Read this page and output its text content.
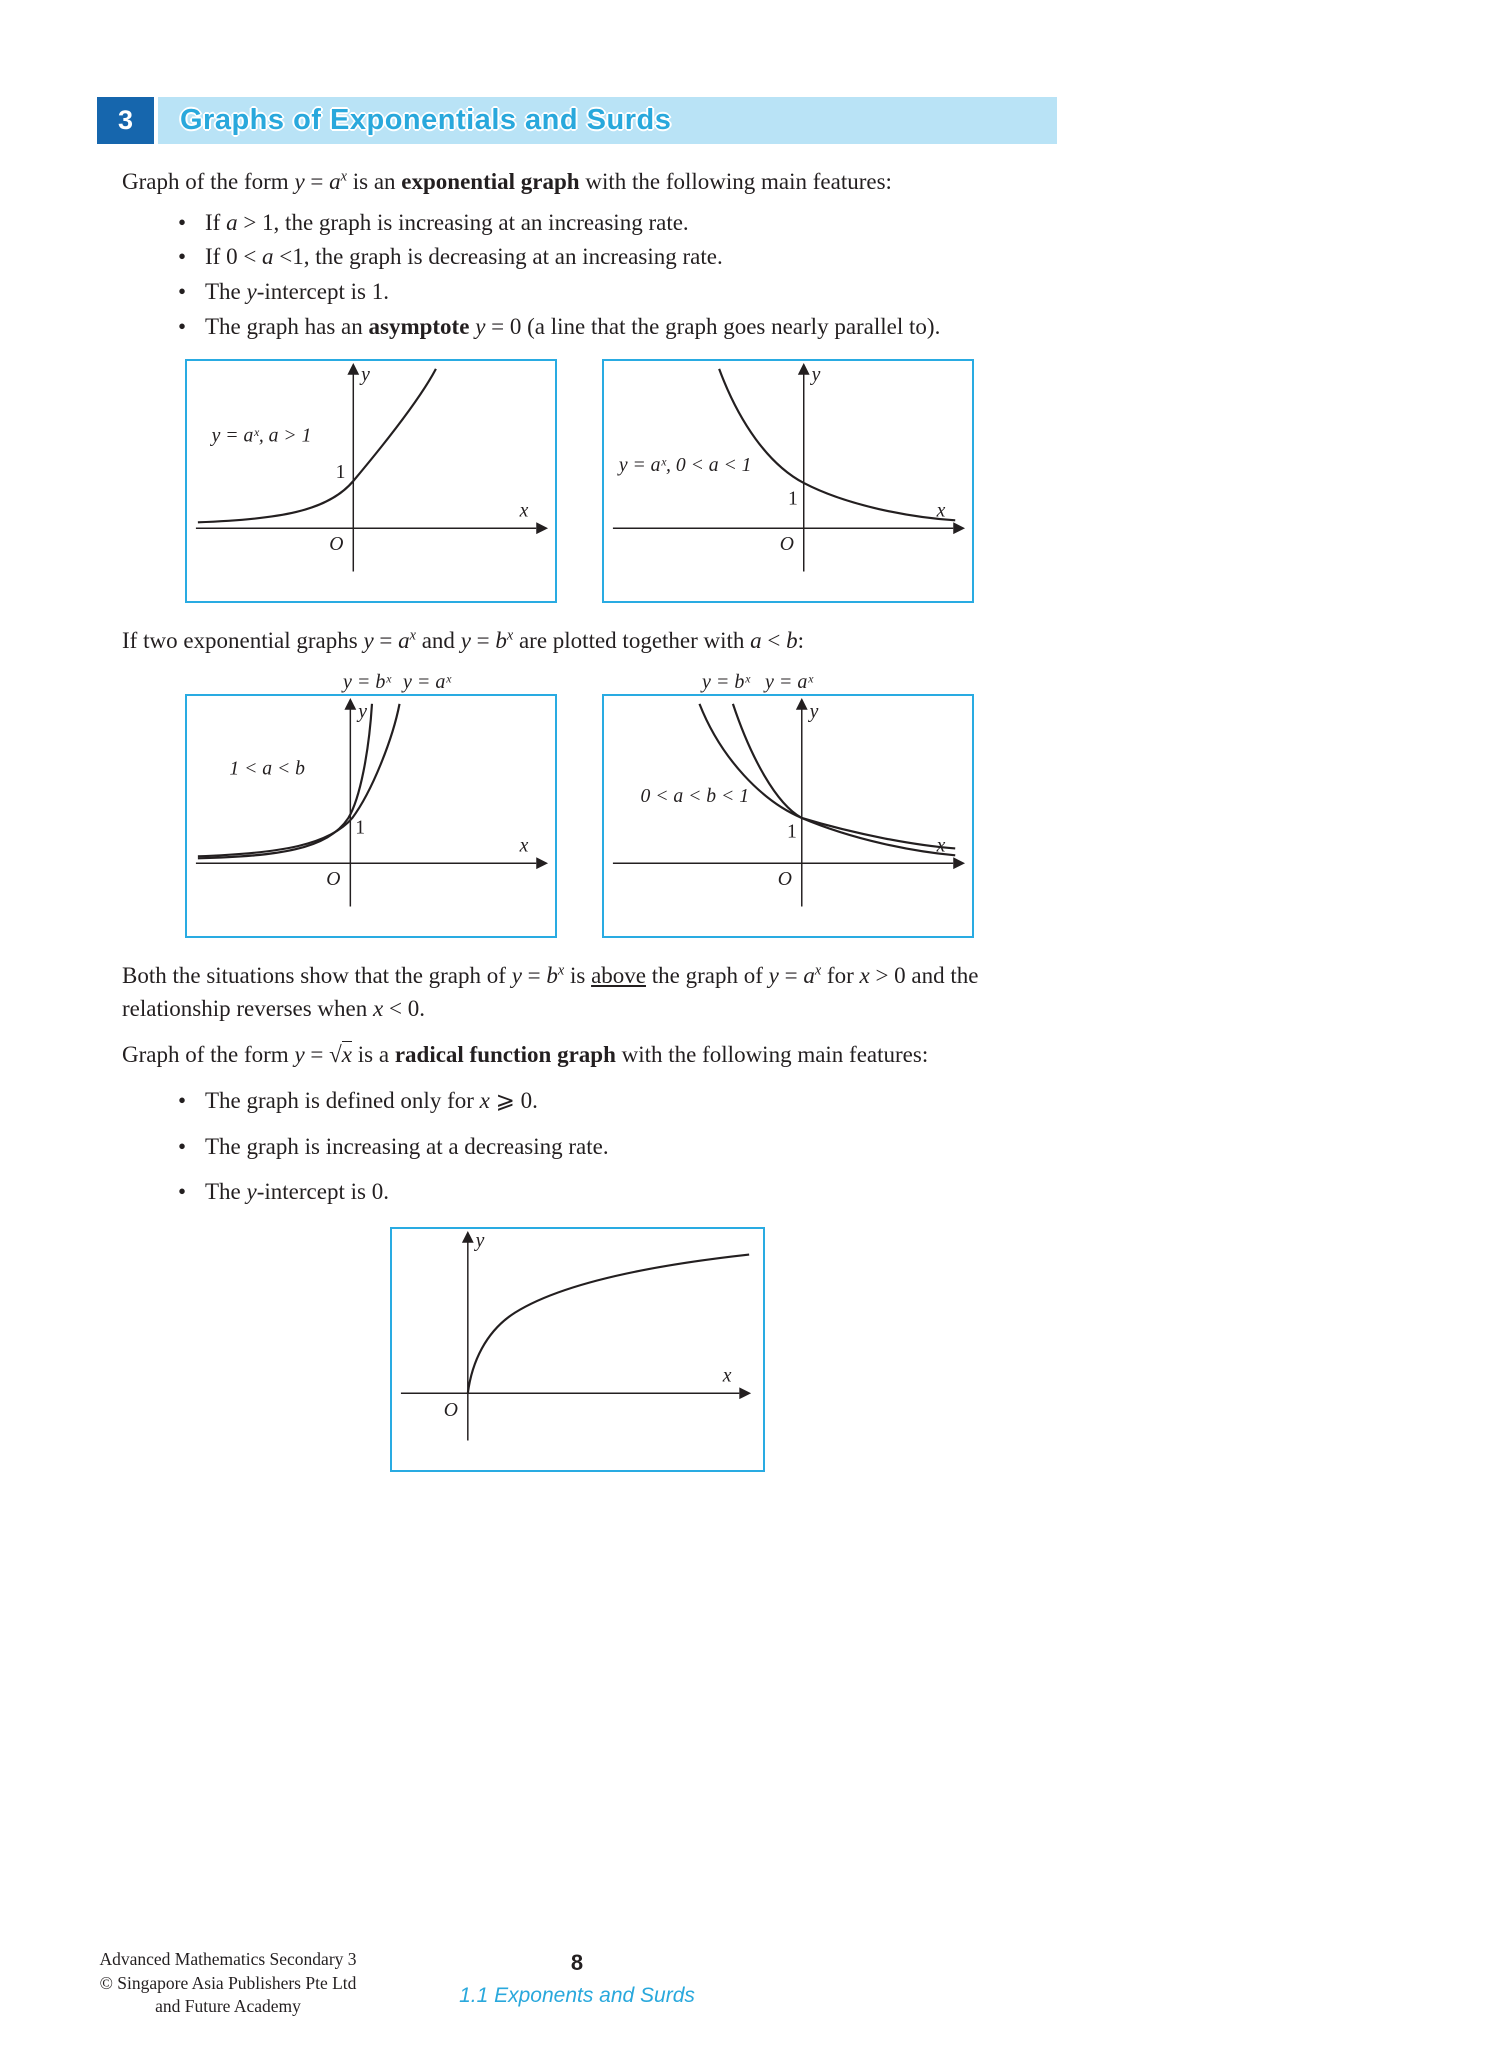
3	Graphs of Exponentials and Surds

Graph of the form $y = a^x$ is an exponential graph with the following main features:

• If a > 1, the graph is increasing at an increasing rate.
• If 0 < a <1, the graph is decreasing at an increasing rate.
• The y-intercept is 1.
• The graph has an asymptote y = 0 (a line that the graph goes nearly parallel to).
y
x
O
1
y = aˣ, a > 1
y
x
O
1
y = aˣ, 0 < a < 1

If two exponential graphs $y = a^x$ and $y = b^x$ are plotted together with a < b:

y = bˣ y = aˣ
y
x
O
1
1 < a < b
y = bˣ y = aˣ
y
x
O
1
0 < a < b < 1

Both the situations show that the graph of $y = b^x$ is above the graph of $y = a^x$ for x > 0 and the relationship reverses when x < 0.

Graph of the form y = √x is a radical function graph with the following main features:

• The graph is defined only for x ⩾ 0.
• The graph is increasing at a decreasing rate.
• The y-intercept is 0.
y
x
O
Advanced Mathematics Secondary 3
© Singapore Asia Publishers Pte Ltd
and Future Academy
8
1.1 Exponents and Surds
